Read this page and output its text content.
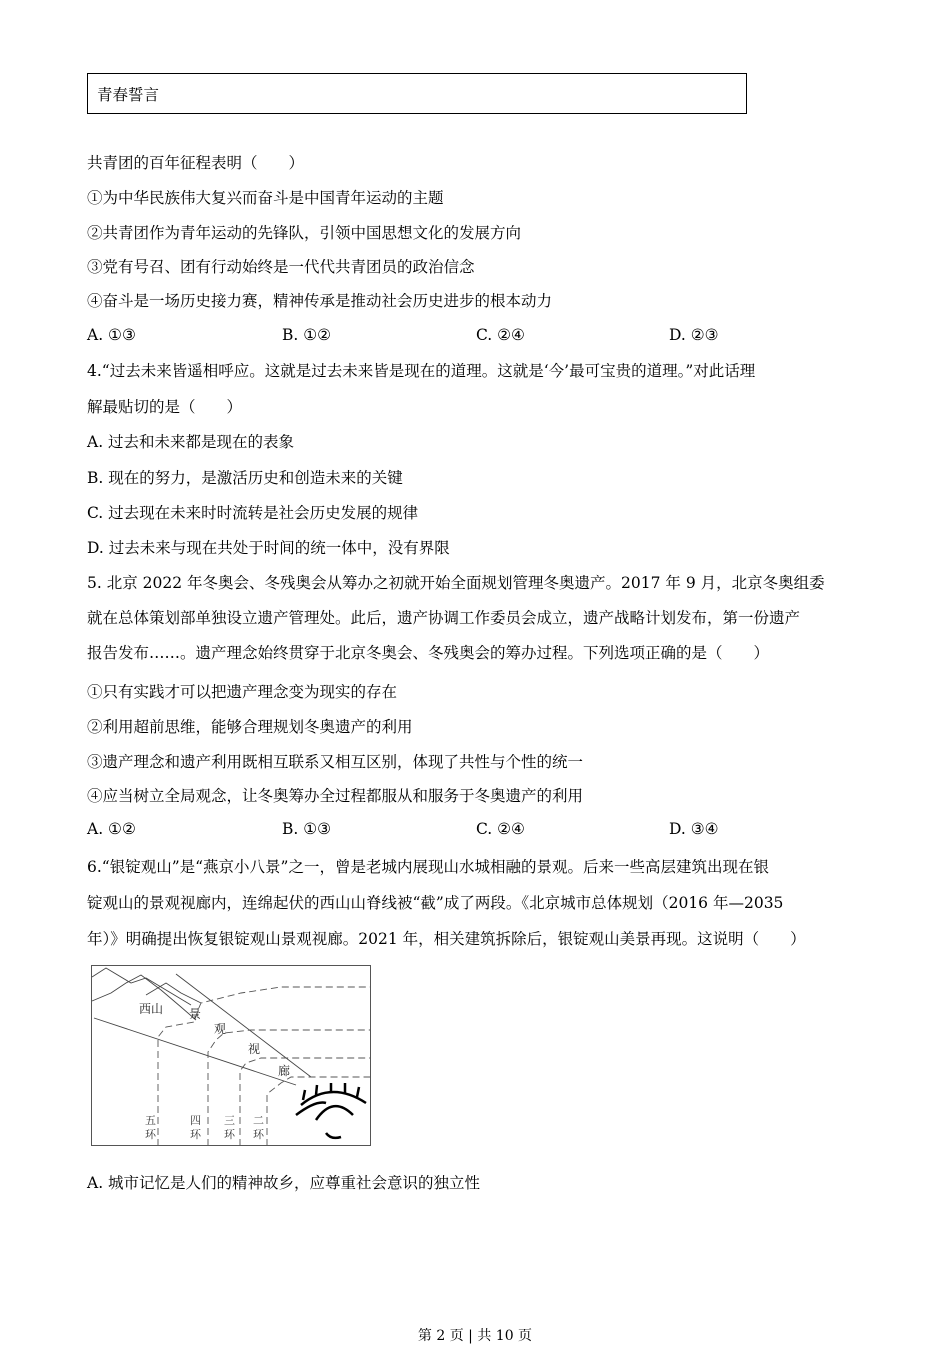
青春誓言
共青团的百年征程表明（　　）
①为中华民族伟大复兴而奋斗是中国青年运动的主题
②共青团作为青年运动的先锋队，引领中国思想文化的发展方向
③党有号召、团有行动始终是一代代共青团员的政治信念
④奋斗是一场历史接力赛，精神传承是推动社会历史进步的根本动力
A. ①③	B. ①②	C. ②④	D. ②③
4.“过去未来皆遥相呼应。这就是过去未来皆是现在的道理。这就是‘今’最可宝贵的道理。”对此话理
解最贴切的是（　　）
A. 过去和未来都是现在的表象
B. 现在的努力，是激活历史和创造未来的关键
C. 过去现在未来时时流转是社会历史发展的规律
D. 过去未来与现在共处于时间的统一体中，没有界限
5. 北京 2022 年冬奥会、冬残奥会从筹办之初就开始全面规划管理冬奥遗产。2017 年 9 月，北京冬奥组委
就在总体策划部单独设立遗产管理处。此后，遗产协调工作委员会成立，遗产战略计划发布，第一份遗产
报告发布……。遗产理念始终贯穿于北京冬奥会、冬残奥会的筹办过程。下列选项正确的是（　　）
①只有实践才可以把遗产理念变为现实的存在
②利用超前思维，能够合理规划冬奥遗产的利用
③遗产理念和遗产利用既相互联系又相互区别，体现了共性与个性的统一
④应当树立全局观念，让冬奥筹办全过程都服从和服务于冬奥遗产的利用
A. ①②	B. ①③	C. ②④	D. ③④
6.“银锭观山”是“燕京小八景”之一，曾是老城内展现山水城相融的景观。后来一些高层建筑出现在银
锭观山的景观视廊内，连绵起伏的西山山脊线被“截”成了两段。《北京城市总体规划（2016 年—2035
年）》明确提出恢复银锭观山景观视廊。2021 年，相关建筑拆除后，银锭观山美景再现。这说明（　　）
西山 景
观
视
廊
五
环
四
环
三
环
二
环
A. 城市记忆是人们的精神故乡，应尊重社会意识的独立性
第 2 页 | 共 10 页
